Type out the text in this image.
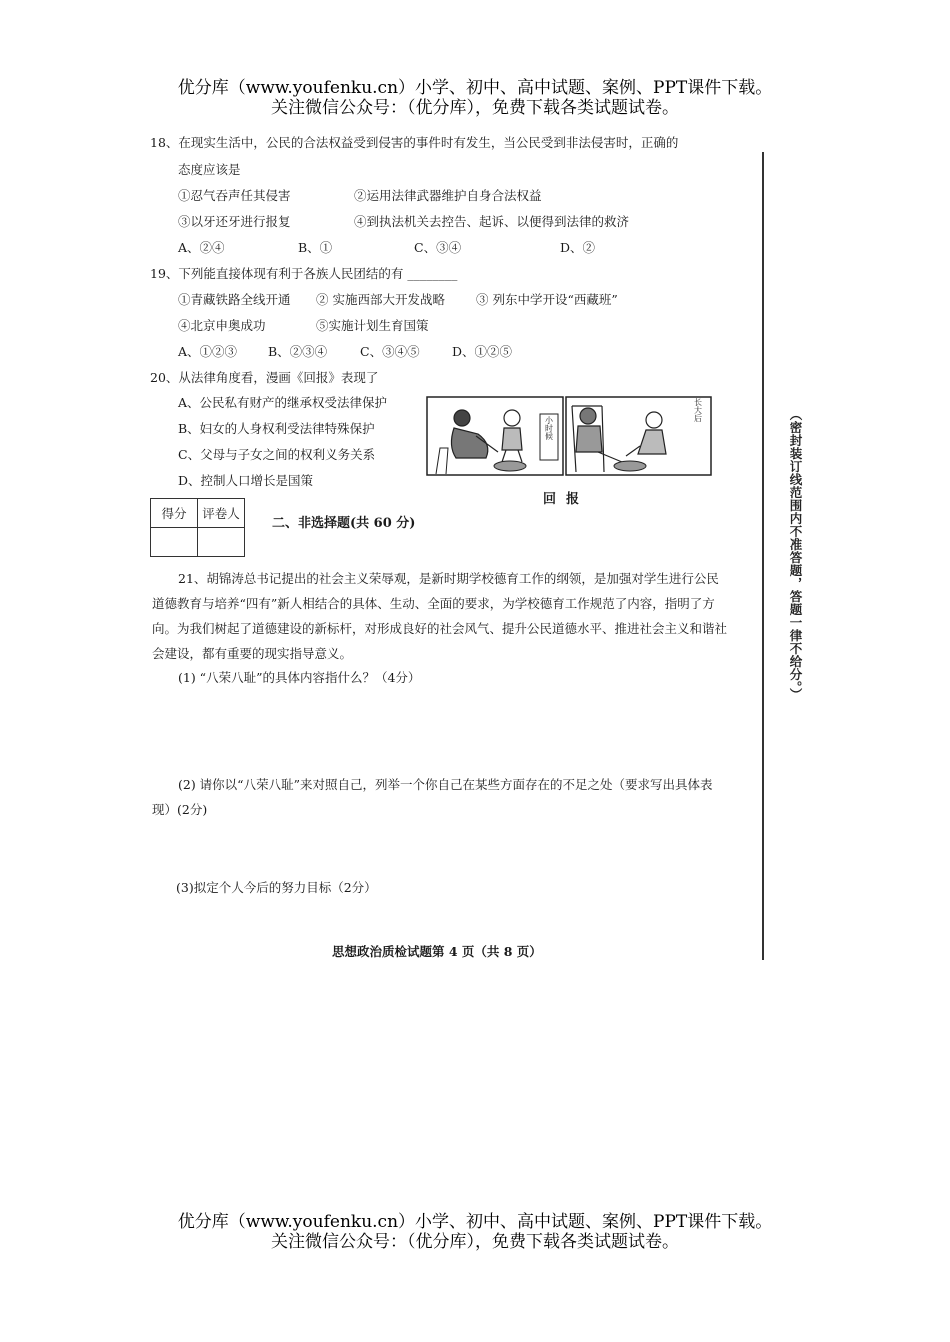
优分库（www.youfenku.cn）小学、初中、高中试题、案例、PPT课件下载。
关注微信公众号：（优分库），免费下载各类试题试卷。
18、在现实生活中，公民的合法权益受到侵害的事件时有发生，当公民受到非法侵害时，正确的
态度应该是
①忍气吞声任其侵害	②运用法律武器维护自身合法权益
③以牙还牙进行报复	④到执法机关去控告、起诉、以便得到法律的救济
A、②④	B、①	C、③④	D、②
19、下列能直接体现有利于各族人民团结的有 ________
①青藏铁路全线开通 ② 实施西部大开发战略 ③ 列东中学开设“西藏班”
④北京申奥成功	⑤实施计划生育国策
A、①②③ B、②③④	C、③④⑤	D、①②⑤
20、从法律角度看，漫画《回报》表现了
A、公民私有财产的继承权受法律保护
B、妇女的人身权利受法律特殊保护
C、父母与子女之间的权利义务关系
D、控制人口增长是国策
小时候
长大后
回报
得分	评卷人

二、非选择题(共 60 分)
21、胡锦涛总书记提出的社会主义荣辱观，是新时期学校德育工作的纲领，是加强对学生进行公民道德教育与培养“四有”新人相结合的具体、生动、全面的要求，为学校德育工作规范了内容，指明了方向。为我们树起了道德建设的新标杆，对形成良好的社会风气、提升公民道德水平、推进社会主义和谐社会建设，都有重要的现实指导意义。
(1) “八荣八耻”的具体内容指什么？（4分）
(2) 请你以“八荣八耻”来对照自己，列举一个你自己在某些方面存在的不足之处（要求写出具体表现）(2分)
(3)拟定个人今后的努力目标（2分）
思想政治质检试题第 4 页（共 8 页）
（密封装订线范围内不准答题，答题一律不给分。）
优分库（www.youfenku.cn）小学、初中、高中试题、案例、PPT课件下载。
关注微信公众号：（优分库），免费下载各类试题试卷。
